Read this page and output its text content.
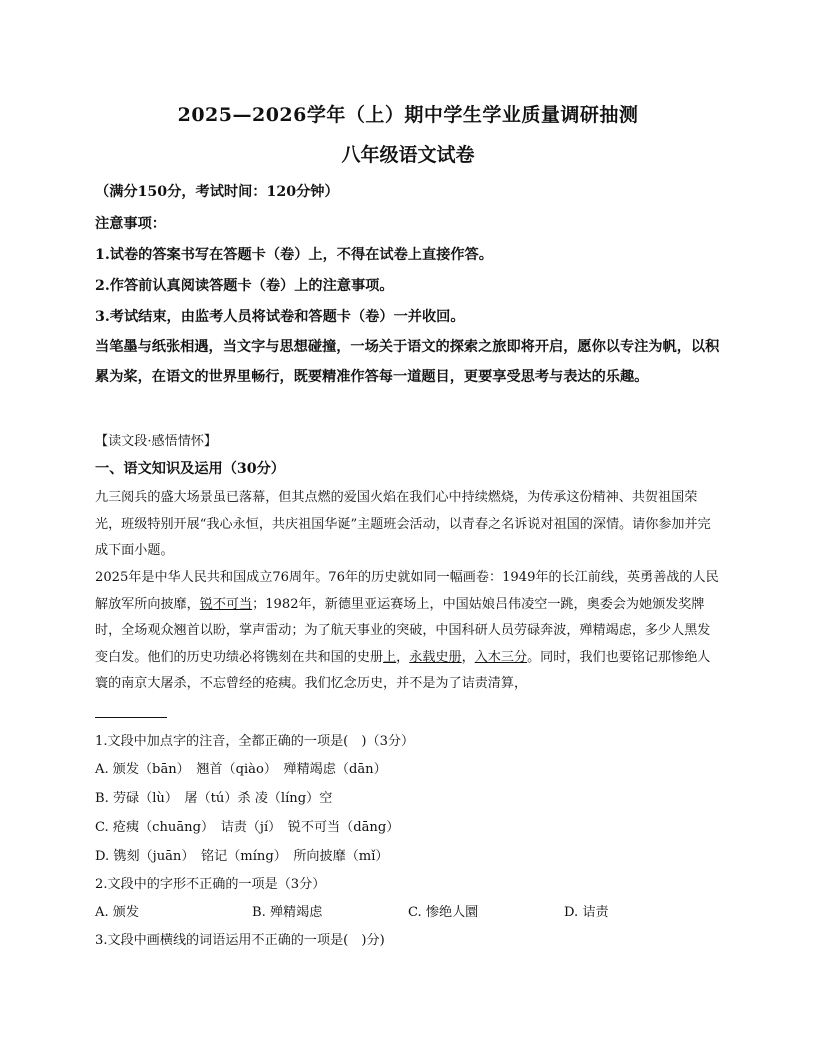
2025—2026学年（上）期中学生学业质量调研抽测
八年级语文试卷
（满分150分，考试时间：120分钟）
注意事项：
1.试卷的答案书写在答题卡（卷）上，不得在试卷上直接作答。
2.作答前认真阅读答题卡（卷）上的注意事项。
3.考试结束，由监考人员将试卷和答题卡（卷）一并收回。
当笔墨与纸张相遇，当文字与思想碰撞，一场关于语文的探索之旅即将开启，愿你以专注为帆，以积累为桨，在语文的世界里畅行，既要精准作答每一道题目，更要享受思考与表达的乐趣。
【读文段·感悟情怀】
一、语文知识及运用（30分）
九三阅兵的盛大场景虽已落幕，但其点燃的爱国火焰在我们心中持续燃烧，为传承这份精神、共贺祖国荣光，班级特别开展“我心永恒，共庆祖国华诞”主题班会活动，以青春之名诉说对祖国的深情。请你参加并完成下面小题。
2025年是中华人民共和国成立76周年。76年的历史就如同一幅画卷：1949年的长江前线，英勇善战的人民解放军所向披靡，锐不可当；1982年，新德里亚运赛场上，中国姑娘吕伟凌空一跳，奥委会为她颁发奖牌时，全场观众翘首以盼，掌声雷动；为了航天事业的突破，中国科研人员劳碌奔波，殚精竭虑，多少人黑发变白发。他们的历史功绩必将镌刻在共和国的史册上，永载史册，入木三分。同时，我们也要铭记那惨绝人寰的南京大屠杀，不忘曾经的疮痍。我们忆念历史，并不是为了诘责清算，
1.文段中加点字的注音，全都正确的一项是(　)（3分）
A. 颁发（bān）　翘首（qiào）　殚精竭虑（dān）
B. 劳碌（lù）　屠（tú）杀 凌（líng）空
C. 疮痍（chuāng）　诘责（jí）　锐不可当（dāng）
D. 镌刻（juān）　铭记（míng）　所向披靡（mǐ）
2.文段中的字形不正确的一项是（3分）
A. 颁发	B. 殚精竭虑	C. 惨绝人圜	D. 诘责
3.文段中画横线的词语运用不正确的一项是(　)分)
